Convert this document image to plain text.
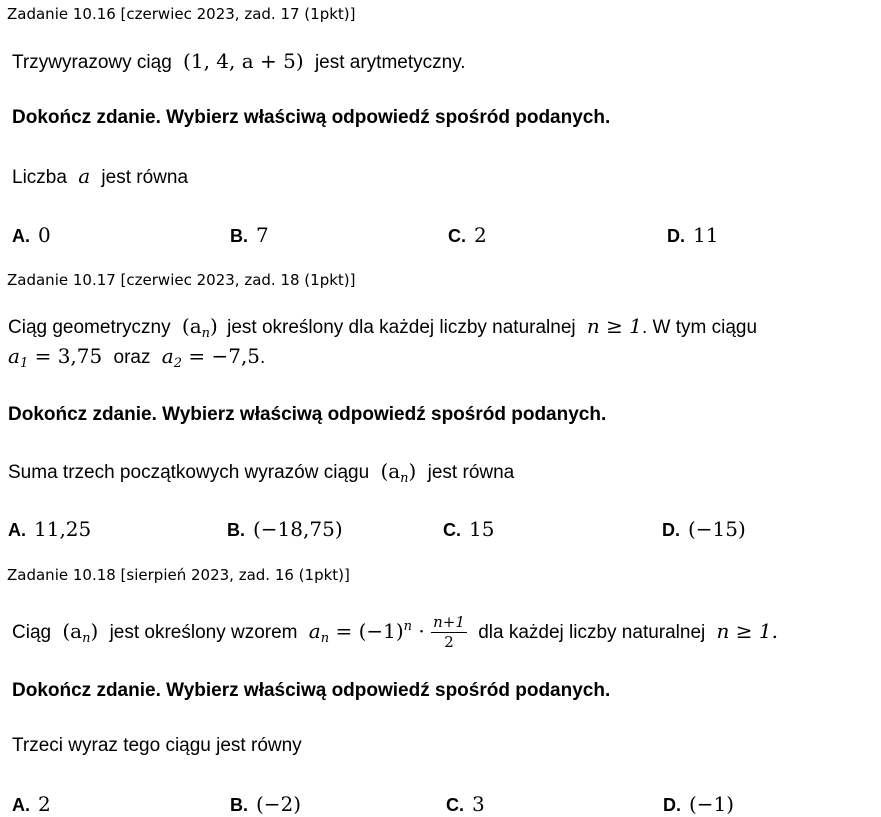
Zadanie 10.16 [czerwiec 2023, zad. 17 (1pkt)]
Trzywyrazowy ciąg (1, 4, a + 5) jest arytmetyczny.
Dokończ zdanie. Wybierz właściwą odpowiedź spośród podanych.
Liczba a jest równa
A. 0	B. 7	C. 2	D. 11
Zadanie 10.17 [czerwiec 2023, zad. 18 (1pkt)]
Ciąg geometryczny $(a_n)$ jest określony dla każdej liczby naturalnej n ≥ 1. W tym ciągu
$a_1 = 3,75$ oraz $a_2 = -7,5$.
Dokończ zdanie. Wybierz właściwą odpowiedź spośród podanych.
Suma trzech początkowych wyrazów ciągu $(a_n)$ jest równa
A. 11,25	B. (−18,75)	C. 15	D. (−15)
Zadanie 10.18 [sierpień 2023, zad. 16 (1pkt)]
Ciąg $(a_n)$ jest określony wzorem $a_n = (-1)^n \cdot \frac{n+1}{2}$ dla każdej liczby naturalnej n ≥ 1.
Dokończ zdanie. Wybierz właściwą odpowiedź spośród podanych.
Trzeci wyraz tego ciągu jest równy
A. 2	B. (−2)	C. 3	D. (−1)
